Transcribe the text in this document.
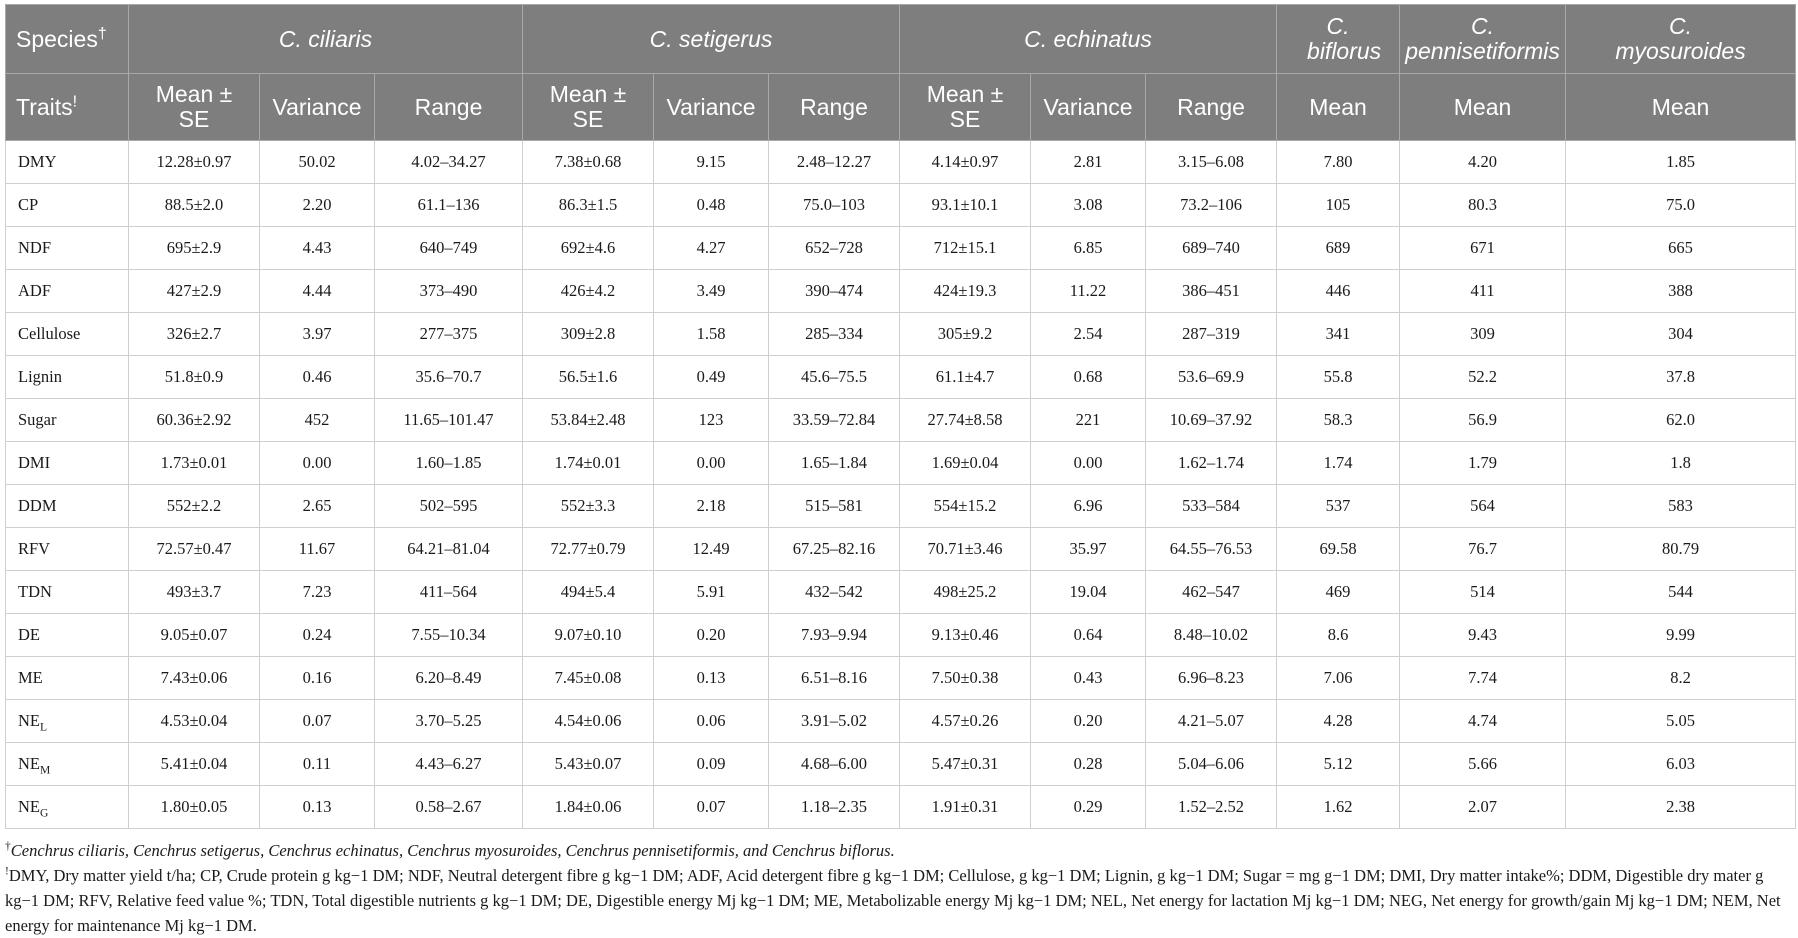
Species†	C. ciliaris			C. setigerus			C. echinatus			C. biflorus	C. pennisetiformis	C. myosuroides
Traits!	Mean ± SE	Variance	Range	Mean ± SE	Variance	Range	Mean ± SE	Variance	Range	Mean	Mean	Mean
DMY	12.28±0.97	50.02	4.02–34.27	7.38±0.68	9.15	2.48–12.27	4.14±0.97	2.81	3.15–6.08	7.80	4.20	1.85
CP	88.5±2.0	2.20	61.1–136	86.3±1.5	0.48	75.0–103	93.1±10.1	3.08	73.2–106	105	80.3	75.0
NDF	695±2.9	4.43	640–749	692±4.6	4.27	652–728	712±15.1	6.85	689–740	689	671	665
ADF	427±2.9	4.44	373–490	426±4.2	3.49	390–474	424±19.3	11.22	386–451	446	411	388
Cellulose	326±2.7	3.97	277–375	309±2.8	1.58	285–334	305±9.2	2.54	287–319	341	309	304
Lignin	51.8±0.9	0.46	35.6–70.7	56.5±1.6	0.49	45.6–75.5	61.1±4.7	0.68	53.6–69.9	55.8	52.2	37.8
Sugar	60.36±2.92	452	11.65–101.47	53.84±2.48	123	33.59–72.84	27.74±8.58	221	10.69–37.92	58.3	56.9	62.0
DMI	1.73±0.01	0.00	1.60–1.85	1.74±0.01	0.00	1.65–1.84	1.69±0.04	0.00	1.62–1.74	1.74	1.79	1.8
DDM	552±2.2	2.65	502–595	552±3.3	2.18	515–581	554±15.2	6.96	533–584	537	564	583
RFV	72.57±0.47	11.67	64.21–81.04	72.77±0.79	12.49	67.25–82.16	70.71±3.46	35.97	64.55–76.53	69.58	76.7	80.79
TDN	493±3.7	7.23	411–564	494±5.4	5.91	432–542	498±25.2	19.04	462–547	469	514	544
DE	9.05±0.07	0.24	7.55–10.34	9.07±0.10	0.20	7.93–9.94	9.13±0.46	0.64	8.48–10.02	8.6	9.43	9.99
ME	7.43±0.06	0.16	6.20–8.49	7.45±0.08	0.13	6.51–8.16	7.50±0.38	0.43	6.96–8.23	7.06	7.74	8.2
$NE_L$	4.53±0.04	0.07	3.70–5.25	4.54±0.06	0.06	3.91–5.02	4.57±0.26	0.20	4.21–5.07	4.28	4.74	5.05
$NE_M$	5.41±0.04	0.11	4.43–6.27	5.43±0.07	0.09	4.68–6.00	5.47±0.31	0.28	5.04–6.06	5.12	5.66	6.03
$NE_G$	1.80±0.05	0.13	0.58–2.67	1.84±0.06	0.07	1.18–2.35	1.91±0.31	0.29	1.52–2.52	1.62	2.07	2.38

†Cenchrus ciliaris, Cenchrus setigerus, Cenchrus echinatus, Cenchrus myosuroides, Cenchrus pennisetiformis, and Cenchrus biflorus.

!DMY, Dry matter yield t/ha; CP, Crude protein g kg−1 DM; NDF, Neutral detergent fibre g kg−1 DM; ADF, Acid detergent fibre g kg−1 DM; Cellulose, g kg−1 DM; Lignin, g kg−1 DM; Sugar = mg g−1 DM; DMI, Dry matter intake%; DDM, Digestible dry mater g kg−1 DM; RFV, Relative feed value %; TDN, Total digestible nutrients g kg−1 DM; DE, Digestible energy Mj kg−1 DM; ME, Metabolizable energy Mj kg−1 DM; NEL, Net energy for lactation Mj kg−1 DM; NEG, Net energy for growth/gain Mj kg−1 DM; NEM, Net energy for maintenance Mj kg−1 DM.
